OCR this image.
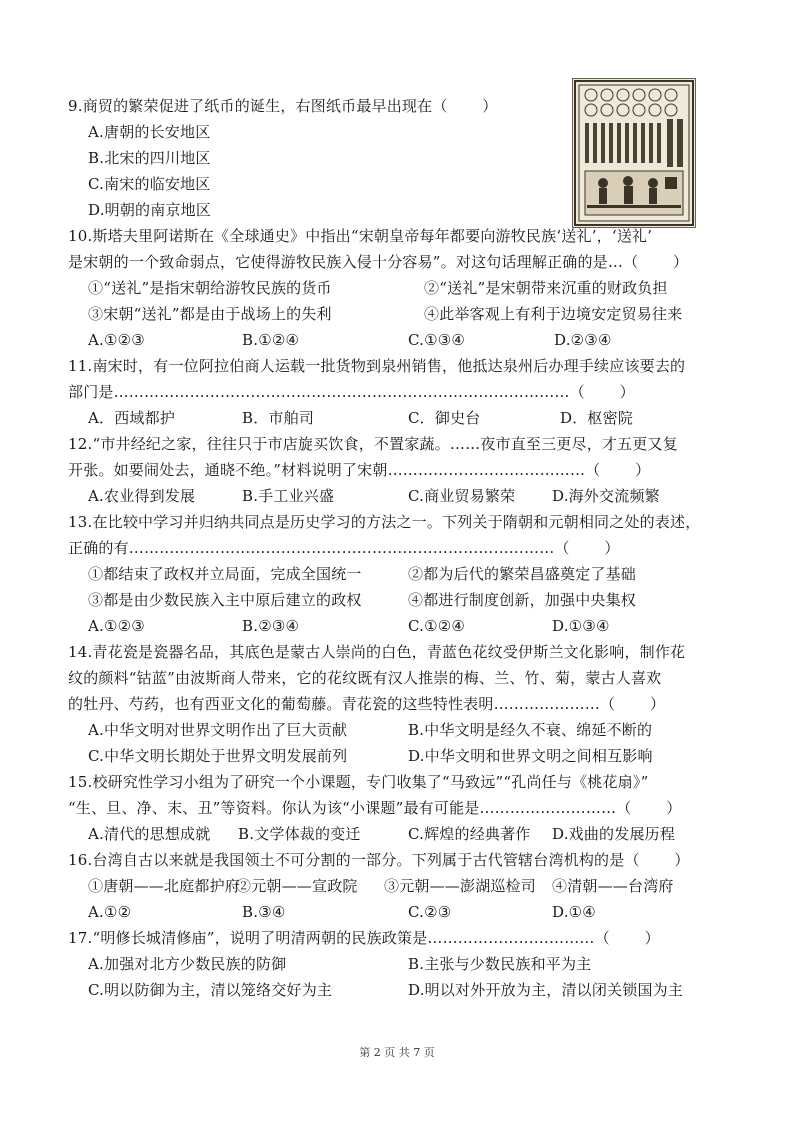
9.商贸的繁荣促进了纸币的诞生，右图纸币最早出现在（       ）
A.唐朝的长安地区
B.北宋的四川地区
C.南宋的临安地区
D.明朝的南京地区
10.斯塔夫里阿诺斯在《全球通史》中指出“宋朝皇帝每年都要向游牧民族‘送礼’，‘送礼’
是宋朝的一个致命弱点，它使得游牧民族入侵十分容易”。对这句话理解正确的是…（       ）
①“送礼”是指宋朝给游牧民族的货币	②“送礼”是宋朝带来沉重的财政负担
③宋朝“送礼”都是由于战场上的失利	④此举客观上有利于边境安定贸易往来
A.①②③	B.①②④	C.①③④	D.②③④
11.南宋时，有一位阿拉伯商人运载一批货物到泉州销售，他抵达泉州后办理手续应该要去的
部门是………………………………………………………………………………（       ）
A．西域都护	B．市舶司	C．御史台	D．枢密院
12.“市井经纪之家，往往只于市店旋买饮食，不置家蔬。……夜市直至三更尽，才五更又复
开张。如要闹处去，通晓不绝。”材料说明了宋朝…………………………………（       ）
A.农业得到发展	B.手工业兴盛	C.商业贸易繁荣 D.海外交流频繁
13.在比较中学习并归纳共同点是历史学习的方法之一。下列关于隋朝和元朝相同之处的表述，
正确的有…………………………………………………………………………（       ）
①都结束了政权并立局面，完成全国统一	②都为后代的繁荣昌盛奠定了基础
③都是由少数民族入主中原后建立的政权	④都进行制度创新，加强中央集权
A.①②③	B.②③④	C.①②④	D.①③④
14.青花瓷是瓷器名品，其底色是蒙古人崇尚的白色，青蓝色花纹受伊斯兰文化影响，制作花
纹的颜料“钴蓝”由波斯商人带来，它的花纹既有汉人推崇的梅、兰、竹、菊，蒙古人喜欢
的牡丹、芍药，也有西亚文化的葡萄藤。青花瓷的这些特性表明…………………（       ）
A.中华文明对世界文明作出了巨大贡献	B.中华文明是经久不衰、绵延不断的
C.中华文明长期处于世界文明发展前列	D.中华文明和世界文明之间相互影响
15.校研究性学习小组为了研究一个小课题，专门收集了“马致远”“孔尚任与《桃花扇》”
“生、旦、净、末、丑”等资料。你认为该“小课题”最有可能是………………………（       ）
A.清代的思想成就 B.文学体裁的变迁	C.辉煌的经典著作 D.戏曲的发展历程
16.台湾自古以来就是我国领土不可分割的一部分。下列属于古代管辖台湾机构的是（       ）
①唐朝——北庭都护府
②元朝——宣政院 ③元朝——澎湖巡检司 ④清朝——台湾府
A.①②	B.③④	C.②③	D.①④
17.“明修长城清修庙”，说明了明清两朝的民族政策是……………………………（       ）
A.加强对北方少数民族的防御	B.主张与少数民族和平为主
C.明以防御为主，清以笼络交好为主	D.明以对外开放为主，清以闭关锁国为主
第 2 页 共 7 页
